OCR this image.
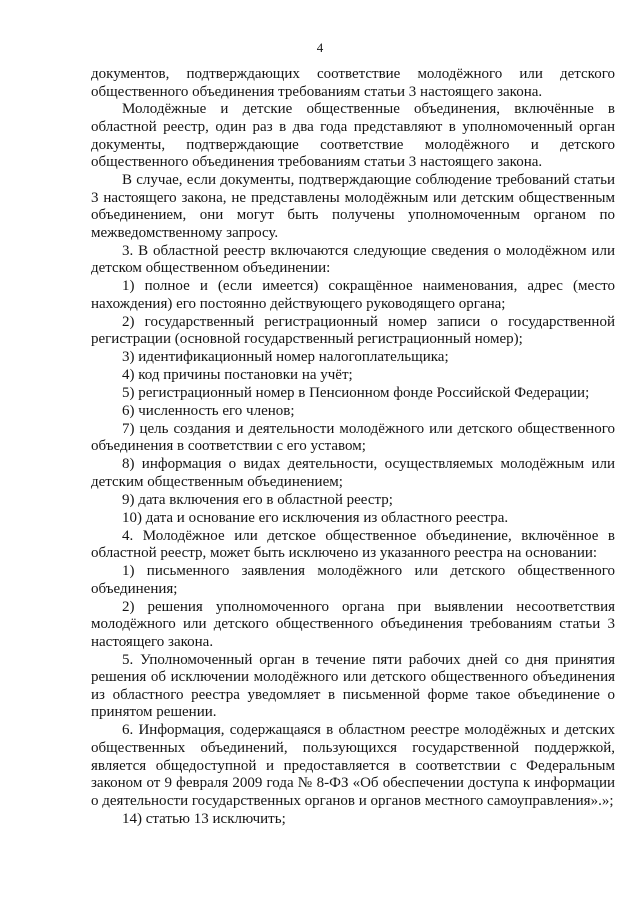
4

документов, подтверждающих соответствие молодёжного или детского общественного объединения требованиям статьи 3 настоящего закона.

Молодёжные и детские общественные объединения, включённые в областной реестр, один раз в два года представляют в уполномоченный орган документы, подтверждающие соответствие молодёжного и детского общественного объединения требованиям статьи 3 настоящего закона.

В случае, если документы, подтверждающие соблюдение требований статьи 3 настоящего закона, не представлены молодёжным или детским общественным объединением, они могут быть получены уполномоченным органом по межведомственному запросу.

3. В областной реестр включаются следующие сведения о молодёжном или детском общественном объединении:

1) полное и (если имеется) сокращённое наименования, адрес (место нахождения) его постоянно действующего руководящего органа;

2) государственный регистрационный номер записи о государственной регистрации (основной государственный регистрационный номер);

3) идентификационный номер налогоплательщика;

4) код причины постановки на учёт;

5) регистрационный номер в Пенсионном фонде Российской Федерации;

6) численность его членов;

7) цель создания и деятельности молодёжного или детского общественного объединения в соответствии с его уставом;

8) информация о видах деятельности, осуществляемых молодёжным или детским общественным объединением;

9) дата включения его в областной реестр;

10) дата и основание его исключения из областного реестра.

4. Молодёжное или детское общественное объединение, включённое в областной реестр, может быть исключено из указанного реестра на основании:

1) письменного заявления молодёжного или детского общественного объединения;

2) решения уполномоченного органа при выявлении несоответствия молодёжного или детского общественного объединения требованиям статьи 3 настоящего закона.

5. Уполномоченный орган в течение пяти рабочих дней со дня принятия решения об исключении молодёжного или детского общественного объединения из областного реестра уведомляет в письменной форме такое объединение о принятом решении.

6. Информация, содержащаяся в областном реестре молодёжных и детских общественных объединений, пользующихся государственной поддержкой, является общедоступной и предоставляется в соответствии с Федеральным законом от 9 февраля 2009 года № 8-ФЗ «Об обеспечении доступа к информации о деятельности государственных органов и органов местного самоуправления».»;

14) статью 13 исключить;
